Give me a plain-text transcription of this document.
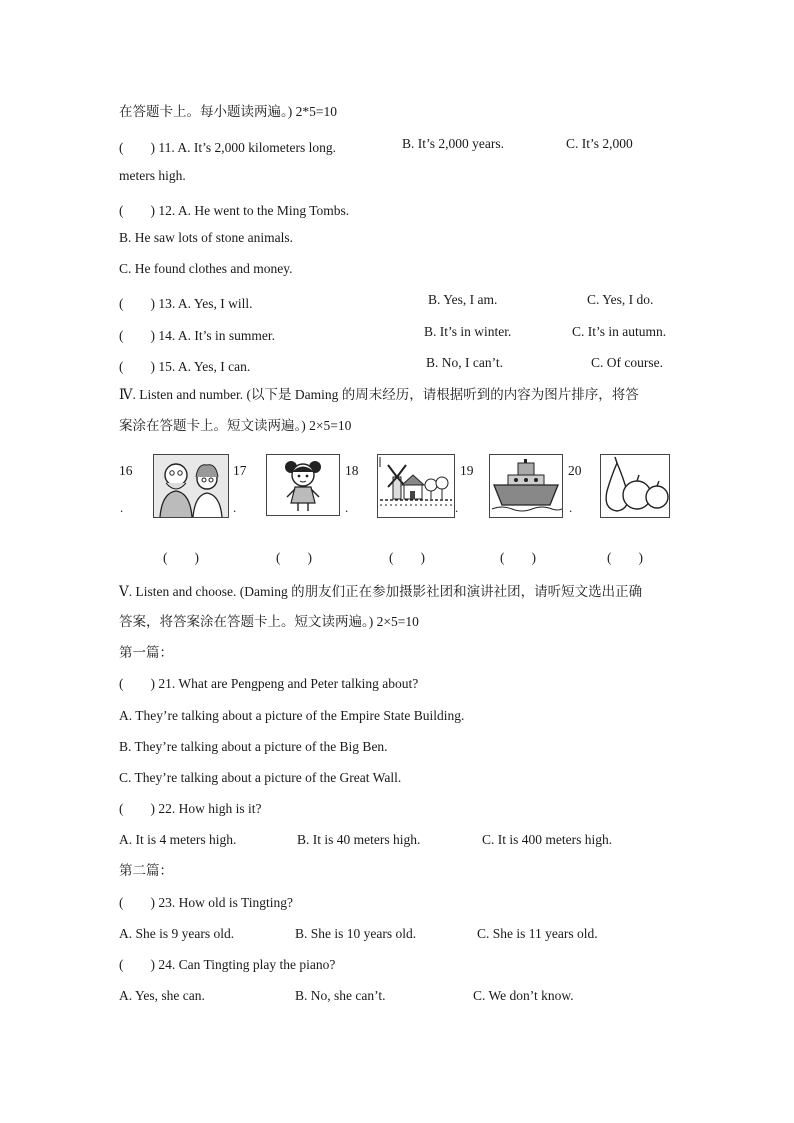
在答题卡上。每小题读两遍。) 2*5=10
(　　) 11. A. It’s 2,000 kilometers long.	B. It’s 2,000 years.	C. It’s 2,000
meters high.
(　　) 12. A. He went to the Ming Tombs.
B. He saw lots of stone animals.
C. He found clothes and money.
(　　) 13. A. Yes, I will.	B. Yes, I am.	C. Yes, I do.
(　　) 14. A. It’s in summer.	B. It’s in winter.	C. It’s in autumn.
(　　) 15. A. Yes, I can.	B. No, I can’t.	C. Of course.
Ⅳ. Listen and number. (以下是 Daming 的周末经历，请根据听到的内容为图片排序，将答
案涂在答题卡上。短文读两遍。) 2×5=10
16	17	18	19	20
.	.	.	.	.
(　　)	(　　)	(　　)	(　　)	(　　)
Ⅴ. Listen and choose. (Daming 的朋友们正在参加摄影社团和演讲社团，请听短文选出正确
答案，将答案涂在答题卡上。短文读两遍。) 2×5=10
第一篇：
(　　) 21. What are Pengpeng and Peter talking about?
A. They’re talking about a picture of the Empire State Building.
B. They’re talking about a picture of the Big Ben.
C. They’re talking about a picture of the Great Wall.
(　　) 22. How high is it?
A. It is 4 meters high.	B. It is 40 meters high.	C. It is 400 meters high.
第二篇：
(　　) 23. How old is Tingting?
A. She is 9 years old.	B. She is 10 years old.	C. She is 11 years old.
(　　) 24. Can Tingting play the piano?
A. Yes, she can.	B. No, she can’t.	C. We don’t know.
